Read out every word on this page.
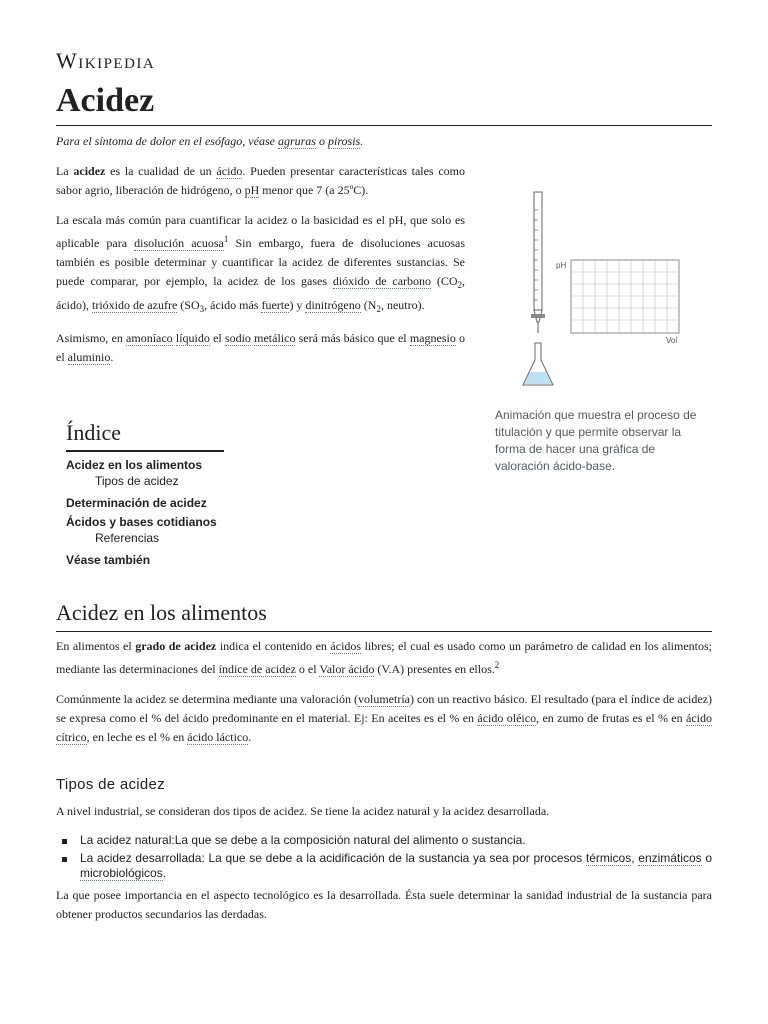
Wikipedia
Acidez
Para el síntoma de dolor en el esófago, véase agruras o pirosis.

La acidez es la cualidad de un ácido. Pueden presentar características tales como sabor agrio, liberación de hidrógeno, o pH menor que 7 (a 25ºC).

La escala más común para cuantificar la acidez o la basicidad es el pH, que solo es aplicable para disolución acuosa$^1$ Sin embargo, fuera de disoluciones acuosas también es posible determinar y cuantificar la acidez de diferentes sustancias. Se puede comparar, por ejemplo, la acidez de los gases dióxido de carbono ($CO_2$, ácido), trióxido de azufre ($SO_3$, ácido más fuerte) y dinitrógeno ($N_2$, neutro).

Asimismo, en amoníaco líquido el sodio metálico será más básico que el magnesio o el aluminio.

pH
Vol
Animación que muestra el proceso de titulación y que permite observar la forma de hacer una gráfica de valoración ácido-base.
Índice
Acidez en los alimentos
Tipos de acidez
Determinación de acidez
Ácidos y bases cotidianos
Referencias
Véase también
Acidez en los alimentos

En alimentos el grado de acidez indica el contenido en ácidos libres; el cual es usado como un parámetro de calidad en los alimentos; mediante las determinaciones del índice de acidez o el Valor ácido (V.A) presentes en ellos.$^2$

Comúnmente la acidez se determina mediante una valoración (volumetría) con un reactivo básico. El resultado (para el índice de acidez) se expresa como el % del ácido predominante en el material. Ej: En aceites es el % en ácido oléico, en zumo de frutas es el % en ácido cítrico, en leche es el % en ácido láctico.

Tipos de acidez
A nivel industrial, se consideran dos tipos de acidez. Se tiene la acidez natural y la acidez desarrollada.
La acidez natural:La que se debe a la composición natural del alimento o sustancia.
La acidez desarrollada: La que se debe a la acidificación de la sustancia ya sea por procesos térmicos, enzimáticos o microbiológicos.
La que posee importancia en el aspecto tecnológico es la desarrollada. Ésta suele determinar la sanidad industrial de la sustancia para obtener productos secundarios las derdadas.
